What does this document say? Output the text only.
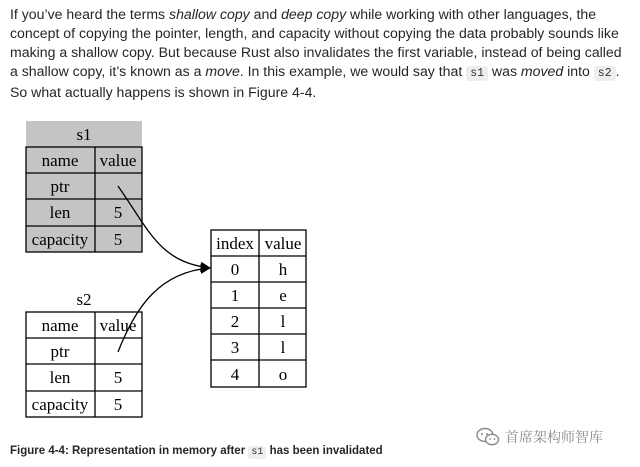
If you’ve heard the terms shallow copy and deep copy while working with other languages, the concept of copying the pointer, length, and capacity without copying the data probably sounds like making a shallow copy. But because Rust also invalidates the first variable, instead of being called a shallow copy, it’s known as a move. In this example, we would say that s1 was moved into s2 . So what actually happens is shown in Figure 4-4.

s1
name value
ptr
len	5
capacity 5
s2
name value
ptr
len	5
capacity 5
index value
0 h
1 e
2 l
3 l
4 o

Figure 4-4: Representation in memory after s1 has been invalidated

首席架构师智库
